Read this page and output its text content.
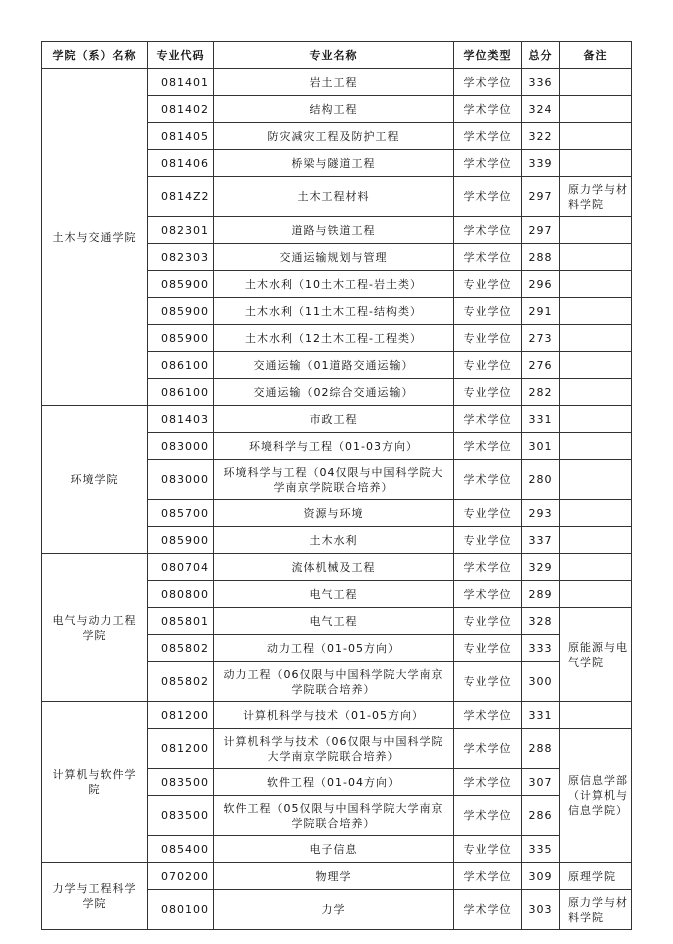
学院（系）名称	专业代码	专业名称	学位类型	总分	备注
土木与交通学院	081401	岩土工程	学术学位	336	
	081402	结构工程	学术学位	324	
	081405	防灾减灾工程及防护工程	学术学位	322	
	081406	桥梁与隧道工程	学术学位	339	
	0814Z2	土木工程材料	学术学位	297	原力学与材料学院
	082301	道路与铁道工程	学术学位	297	
	082303	交通运输规划与管理	学术学位	288	
	085900	土木水利（10土木工程-岩土类）	专业学位	296	
	085900	土木水利（11土木工程-结构类）	专业学位	291	
	085900	土木水利（12土木工程-工程类）	专业学位	273	
	086100	交通运输（01道路交通运输）	专业学位	276	
	086100	交通运输（02综合交通运输）	专业学位	282	
环境学院	081403	市政工程	学术学位	331	
	083000	环境科学与工程（01-03方向）	学术学位	301	
	083000	环境科学与工程（04仅限与中国科学院大学南京学院联合培养）	学术学位	280	
	085700	资源与环境	专业学位	293	
	085900	土木水利	专业学位	337	
电气与动力工程学院	080704	流体机械及工程	学术学位	329	
	080800	电气工程	学术学位	289	
	085801	电气工程	专业学位	328	原能源与电气学院
	085802	动力工程（01-05方向）	专业学位	333	
	085802	动力工程（06仅限与中国科学院大学南京学院联合培养）	专业学位	300	
计算机与软件学院	081200	计算机科学与技术（01-05方向）	学术学位	331	
	081200	计算机科学与技术（06仅限与中国科学院大学南京学院联合培养）	学术学位	288	原信息学部（计算机与信息学院）
	083500	软件工程（01-04方向）	学术学位	307	
	083500	软件工程（05仅限与中国科学院大学南京学院联合培养）	学术学位	286	
	085400	电子信息	专业学位	335	
力学与工程科学学院	070200	物理学	学术学位	309	原理学院
	080100	力学	学术学位	303	原力学与材料学院
